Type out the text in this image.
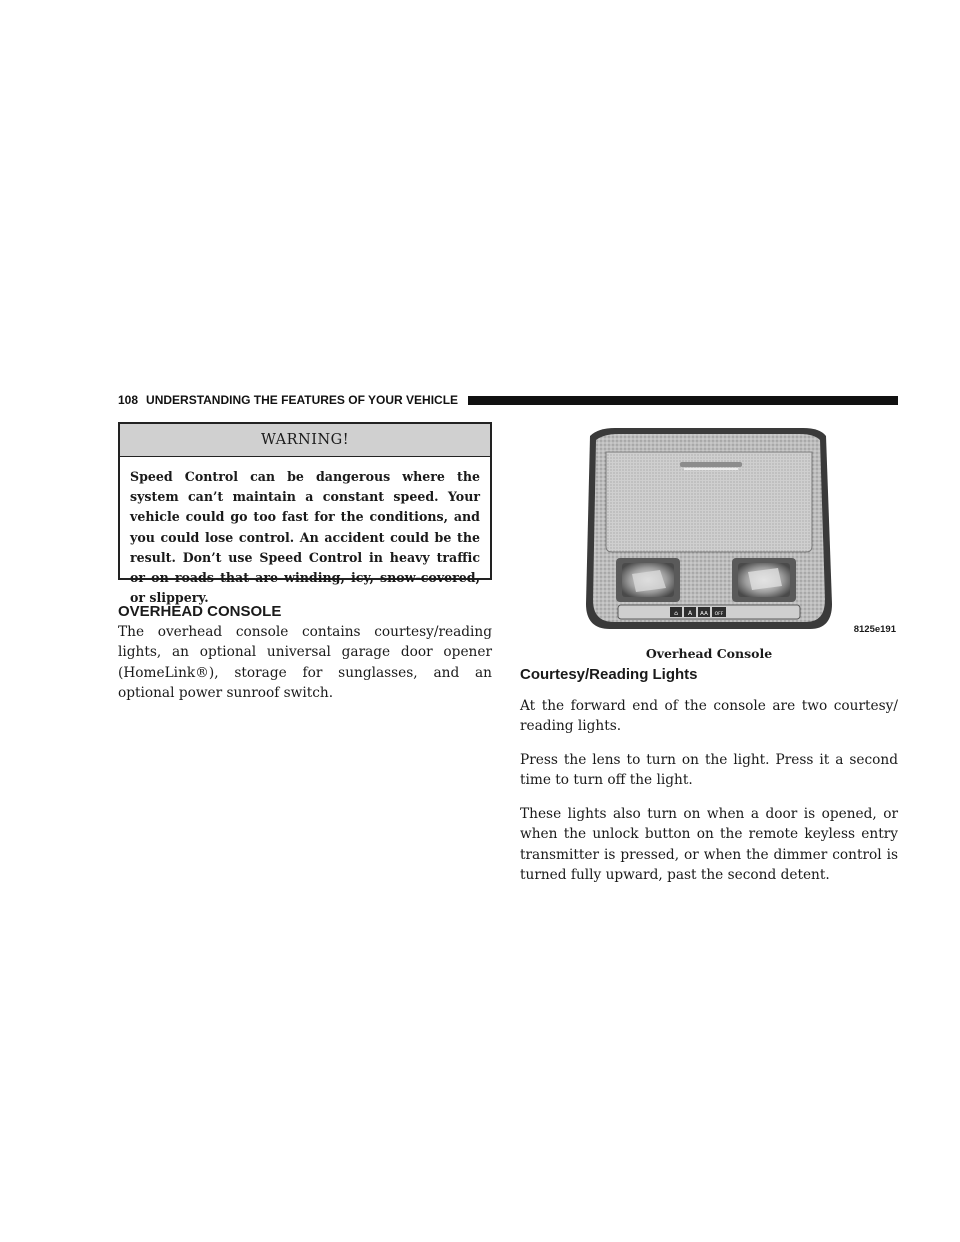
108 UNDERSTANDING THE FEATURES OF YOUR VEHICLE
WARNING!
Speed Control can be dangerous where the system can’t maintain a constant speed. Your vehicle could go too fast for the conditions, and you could lose control. An accident could be the result. Don’t use Speed Control in heavy traffic or on roads that are winding, icy, snow-covered, or slippery.
OVERHEAD CONSOLE
The overhead console contains courtesy/reading lights, an optional universal garage door opener (HomeLink®), storage for sunglasses, and an optional power sunroof switch.
⌂ A AA OFF
8125e191
Overhead Console
Courtesy/Reading Lights
At the forward end of the console are two courtesy/ reading lights.
Press the lens to turn on the light. Press it a second time to turn off the light.
These lights also turn on when a door is opened, or when the unlock button on the remote keyless entry transmitter is pressed, or when the dimmer control is turned fully upward, past the second detent.
